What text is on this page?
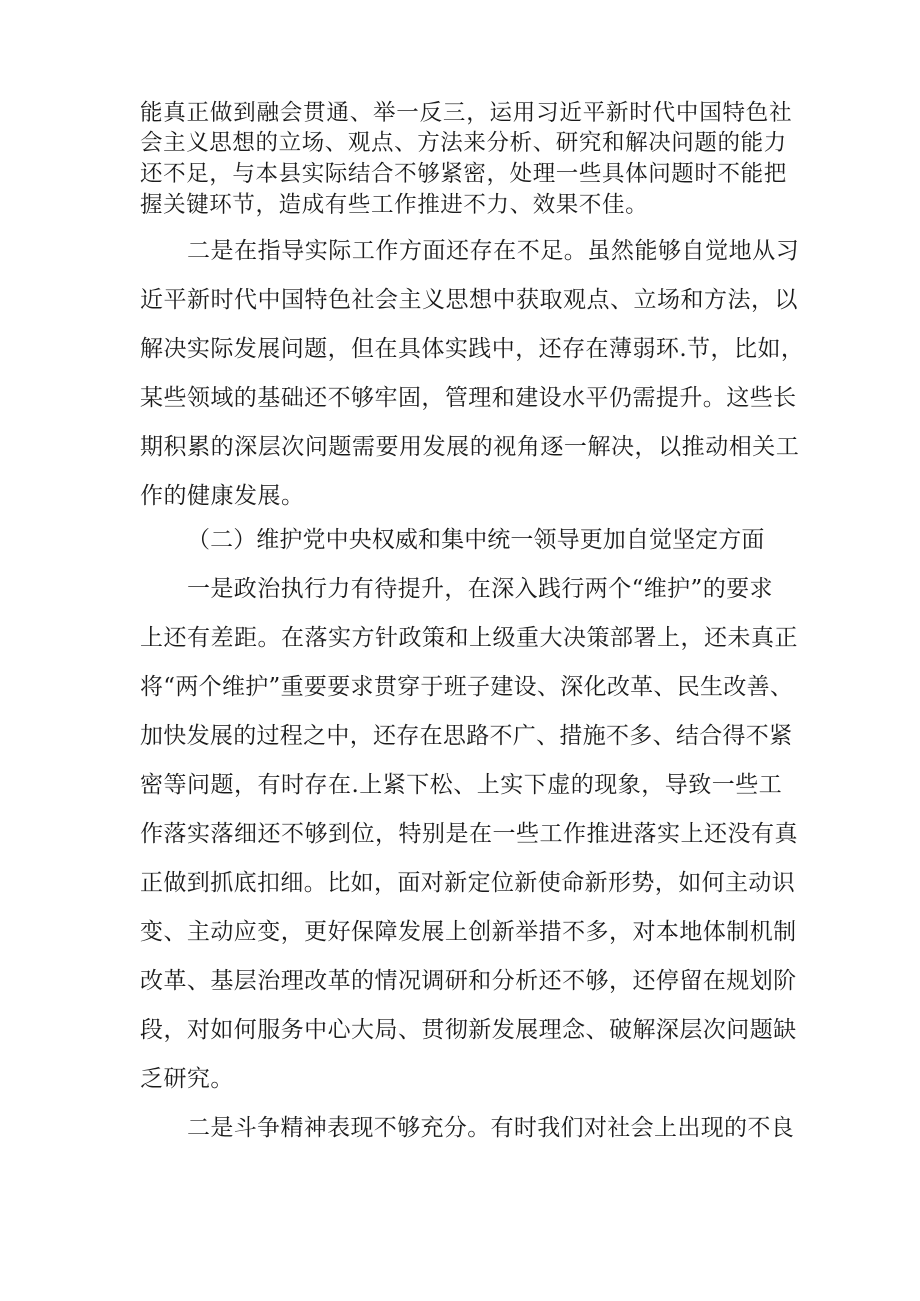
能真正做到融会贯通、举一反三，运用习近平新时代中国特色社
会主义思想的立场、观点、方法来分析、研究和解决问题的能力
还不足，与本县实际结合不够紧密，处理一些具体问题时不能把
握关键环节，造成有些工作推进不力、效果不佳。
二是在指导实际工作方面还存在不足。虽然能够自觉地从习
近平新时代中国特色社会主义思想中获取观点、立场和方法，以
解决实际发展问题，但在具体实践中，还存在薄弱环.节，比如，
某些领域的基础还不够牢固，管理和建设水平仍需提升。这些长
期积累的深层次问题需要用发展的视角逐一解决，以推动相关工
作的健康发展。
（二）维护党中央权威和集中统一领导更加自觉坚定方面
一是政治执行力有待提升，在深入践行两个“维护”的要求
上还有差距。在落实方针政策和上级重大决策部署上，还未真正
将“两个维护”重要要求贯穿于班子建设、深化改革、民生改善、
加快发展的过程之中，还存在思路不广、措施不多、结合得不紧
密等问题，有时存在.上紧下松、上实下虚的现象，导致一些工
作落实落细还不够到位，特别是在一些工作推进落实上还没有真
正做到抓底扣细。比如，面对新定位新使命新形势，如何主动识
变、主动应变，更好保障发展上创新举措不多，对本地体制机制
改革、基层治理改革的情况调研和分析还不够，还停留在规划阶
段，对如何服务中心大局、贯彻新发展理念、破解深层次问题缺
乏研究。
二是斗争精神表现不够充分。有时我们对社会上出现的不良
